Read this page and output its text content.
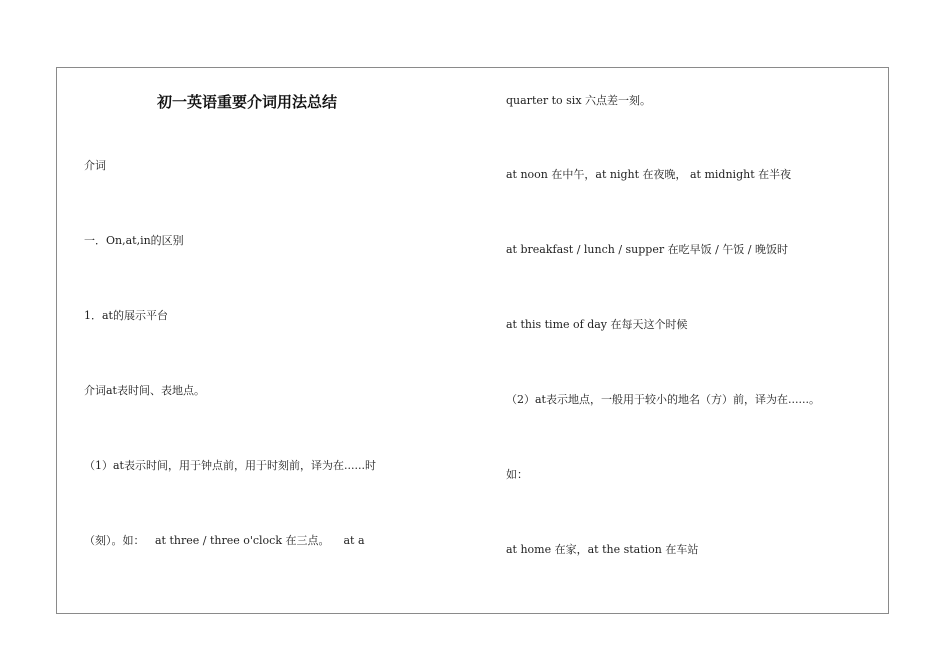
初一英语重要介词用法总结
介词
一．On,at,in的区别
1．at的展示平台
介词at表时间、表地点。
（1）at表示时间，用于钟点前，用于时刻前，译为在......时
（刻）。如：   at three / three o'clock 在三点。    at a
quarter to six 六点差一刻。
at noon 在中午，at night 在夜晚， at midnight 在半夜
at breakfast / lunch / supper 在吃早饭 / 午饭 / 晚饭时
at this time of day 在每天这个时候
（2）at表示地点，一般用于较小的地名（方）前，译为在......。
如：
at home 在家，at the station 在车站
